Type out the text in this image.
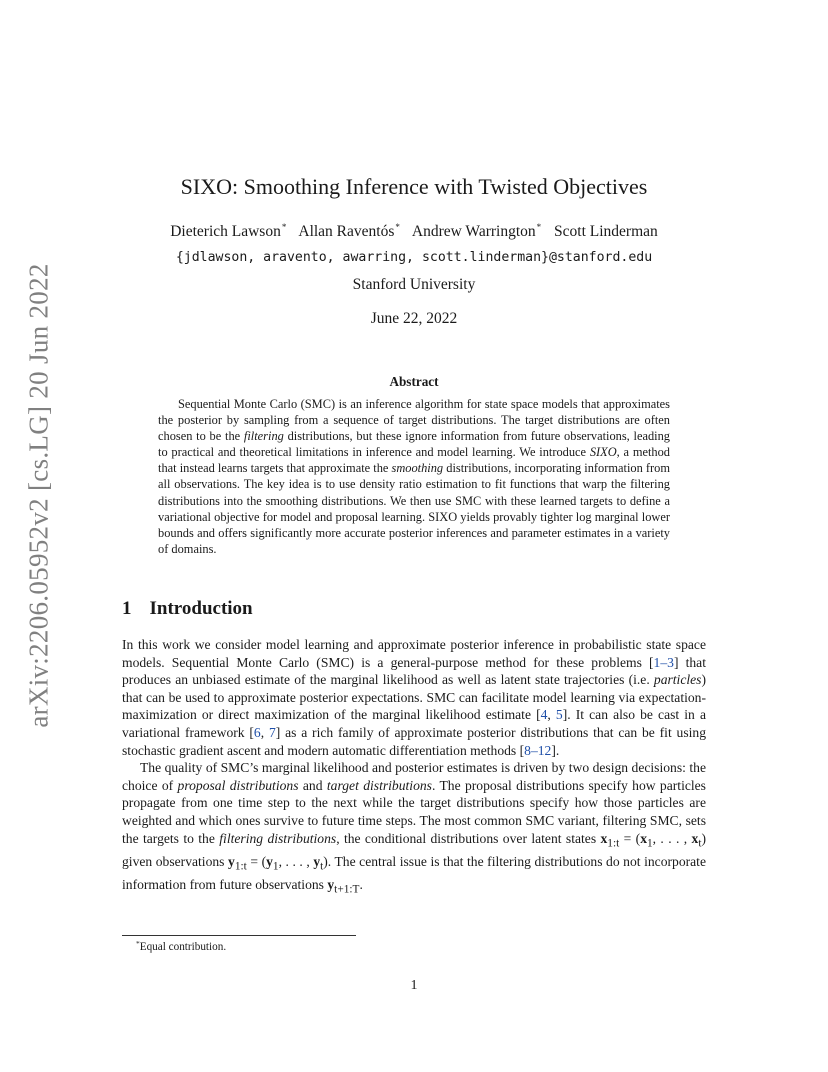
arXiv:2206.05952v2 [cs.LG] 20 Jun 2022
SIXO: Smoothing Inference with Twisted Objectives
Dieterich Lawson* Allan Raventós* Andrew Warrington* Scott Linderman
{jdlawson, aravento, awarring, scott.linderman}@stanford.edu
Stanford University
June 22, 2022
Abstract
Sequential Monte Carlo (SMC) is an inference algorithm for state space models that approximates the posterior by sampling from a sequence of target distributions. The target distributions are often chosen to be the filtering distributions, but these ignore information from future observations, leading to practical and theoretical limitations in inference and model learning. We introduce SIXO, a method that instead learns targets that approximate the smoothing distributions, incorporating information from all observations. The key idea is to use density ratio estimation to fit functions that warp the filtering distributions into the smoothing distributions. We then use SMC with these learned targets to define a variational objective for model and proposal learning. SIXO yields provably tighter log marginal lower bounds and offers significantly more accurate posterior inferences and parameter estimates in a variety of domains.
1 Introduction

In this work we consider model learning and approximate posterior inference in probabilistic state space models. Sequential Monte Carlo (SMC) is a general-purpose method for these problems [1–3] that produces an unbiased estimate of the marginal likelihood as well as latent state trajectories (i.e. particles) that can be used to approximate posterior expectations. SMC can facilitate model learning via expectation-maximization or direct maximization of the marginal likelihood estimate [4, 5]. It can also be cast in a variational framework [6, 7] as a rich family of approximate posterior distributions that can be fit using stochastic gradient ascent and modern automatic differentiation methods [8–12].

The quality of SMC’s marginal likelihood and posterior estimates is driven by two design decisions: the choice of proposal distributions and target distributions. The proposal distributions specify how particles propagate from one time step to the next while the target distributions specify how those particles are weighted and which ones survive to future time steps. The most common SMC variant, filtering SMC, sets the targets to the filtering distributions, the conditional distributions over latent states $x_{1:t} = (x_1$, . . . , $x_t$) given observations $y_{1:t} = (y_1$, . . . , $y_t$). The central issue is that the filtering distributions do not incorporate information from future observations $y_{t+1:T}$.

*Equal contribution.
1
